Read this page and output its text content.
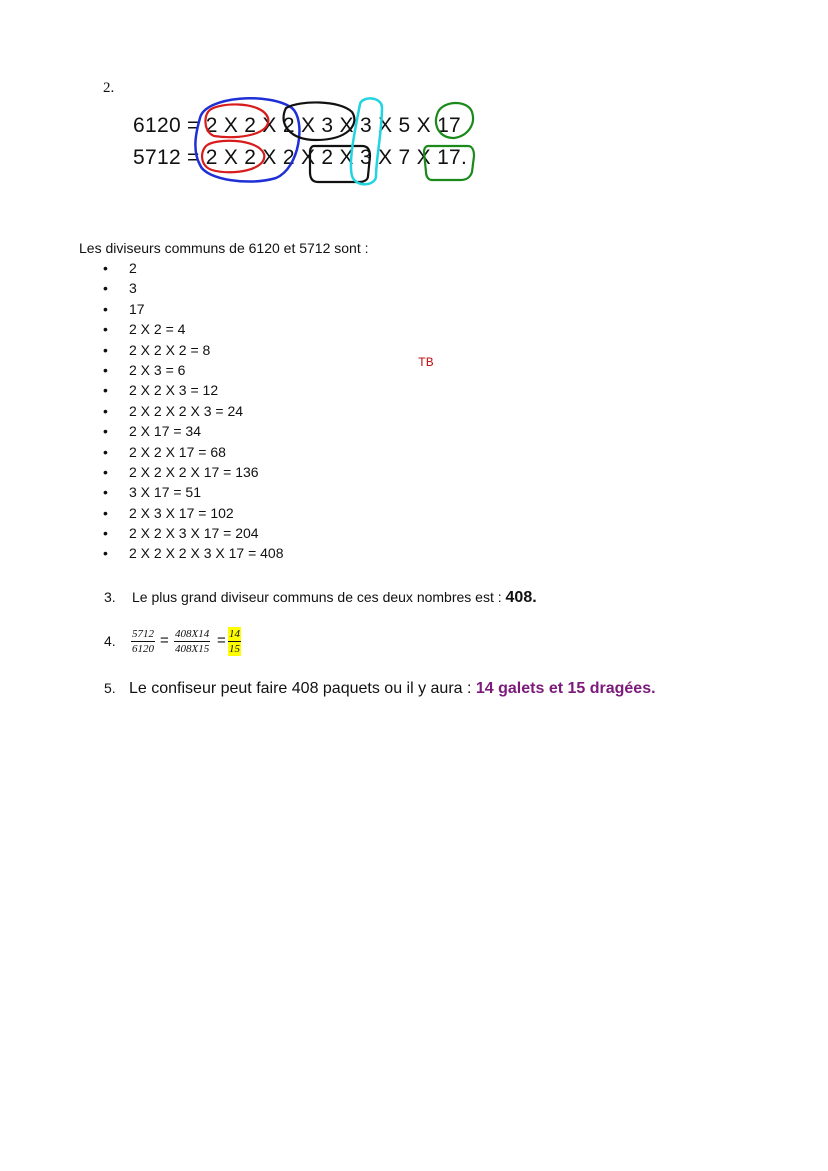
2.
6120 = 2 X 2 X 2 X 3 X 3 X 5 X 17
5712 = 2 X 2 X 2 X 2 X 3 X 7 X 17.
Les diviseurs communs de 6120 et 5712 sont :
• 2
• 3
• 17
• 2 X 2 = 4
• 2 X 2 X 2 = 8
• 2 X 3 = 6
• 2 X 2 X 3 = 12
• 2 X 2 X 2 X 3 = 24
• 2 X 17 = 34
• 2 X 2 X 17 = 68
• 2 X 2 X 2 X 17 = 136
• 3 X 17 = 51
• 2 X 3 X 17 = 102
• 2 X 2 X 3 X 17 = 204
• 2 X 2 X 2 X 3 X 17 = 408
TB
3. Le plus grand diviseur communs de ces deux nombres est : 408.
4. $\frac{5712}{6120} = \frac{408X14}{408X15} = \frac{14}{15}$
5. Le confiseur peut faire 408 paquets ou il y aura : 14 galets et 15 dragées.
